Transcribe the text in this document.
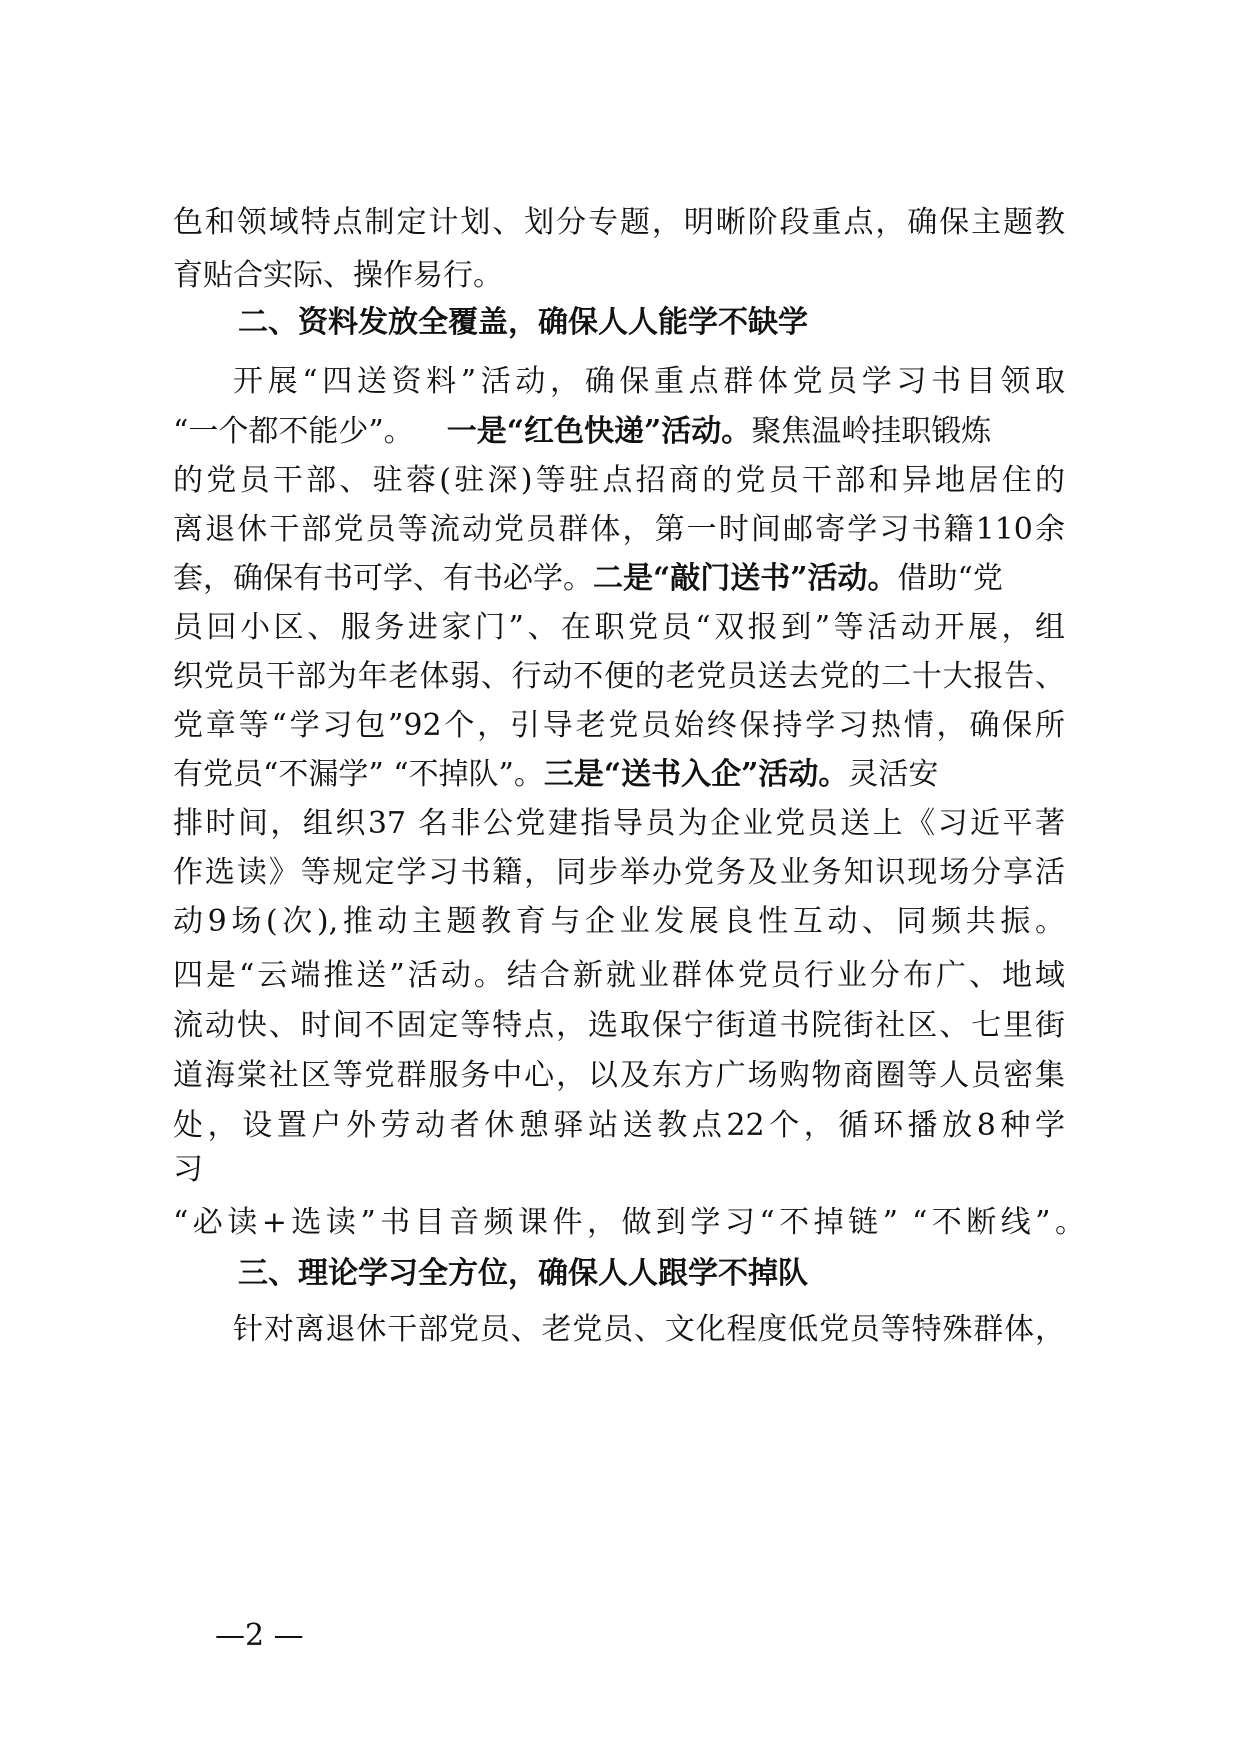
色和领域特点制定计划、划分专题，明晰阶段重点，确保主题教
育贴合实际、操作易行。
二、资料发放全覆盖，确保人人能学不缺学
开展“四送资料”活动，确保重点群体党员学习书目领取
“一个都不能少”。 一是“红色快递”活动。聚焦温岭挂职锻炼
的党员干部、驻蓉(驻深)等驻点招商的党员干部和异地居住的
离退休干部党员等流动党员群体，第一时间邮寄学习书籍110余
套，确保有书可学、有书必学。二是“敲门送书”活动。借助“党
员回小区、服务进家门”、在职党员“双报到”等活动开展，组
织党员干部为年老体弱、行动不便的老党员送去党的二十大报告、
党章等“学习包”92个，引导老党员始终保持学习热情，确保所
有党员“不漏学” “不掉队”。三是“送书入企”活动。灵活安
排时间，组织37 名非公党建指导员为企业党员送上《习近平著
作选读》等规定学习书籍，同步举办党务及业务知识现场分享活
动9场(次),推动主题教育与企业发展良性互动、同频共振。
四是“云端推送”活动。结合新就业群体党员行业分布广、地域
流动快、时间不固定等特点，选取保宁街道书院街社区、七里街
道海棠社区等党群服务中心，以及东方广场购物商圈等人员密集
处，设置户外劳动者休憩驿站送教点22个，循环播放8种学
习
“必读+选读”书目音频课件，做到学习“不掉链” “不断线”。
三、理论学习全方位，确保人人跟学不掉队
针对离退休干部党员、老党员、文化程度低党员等特殊群体，
—2 —
